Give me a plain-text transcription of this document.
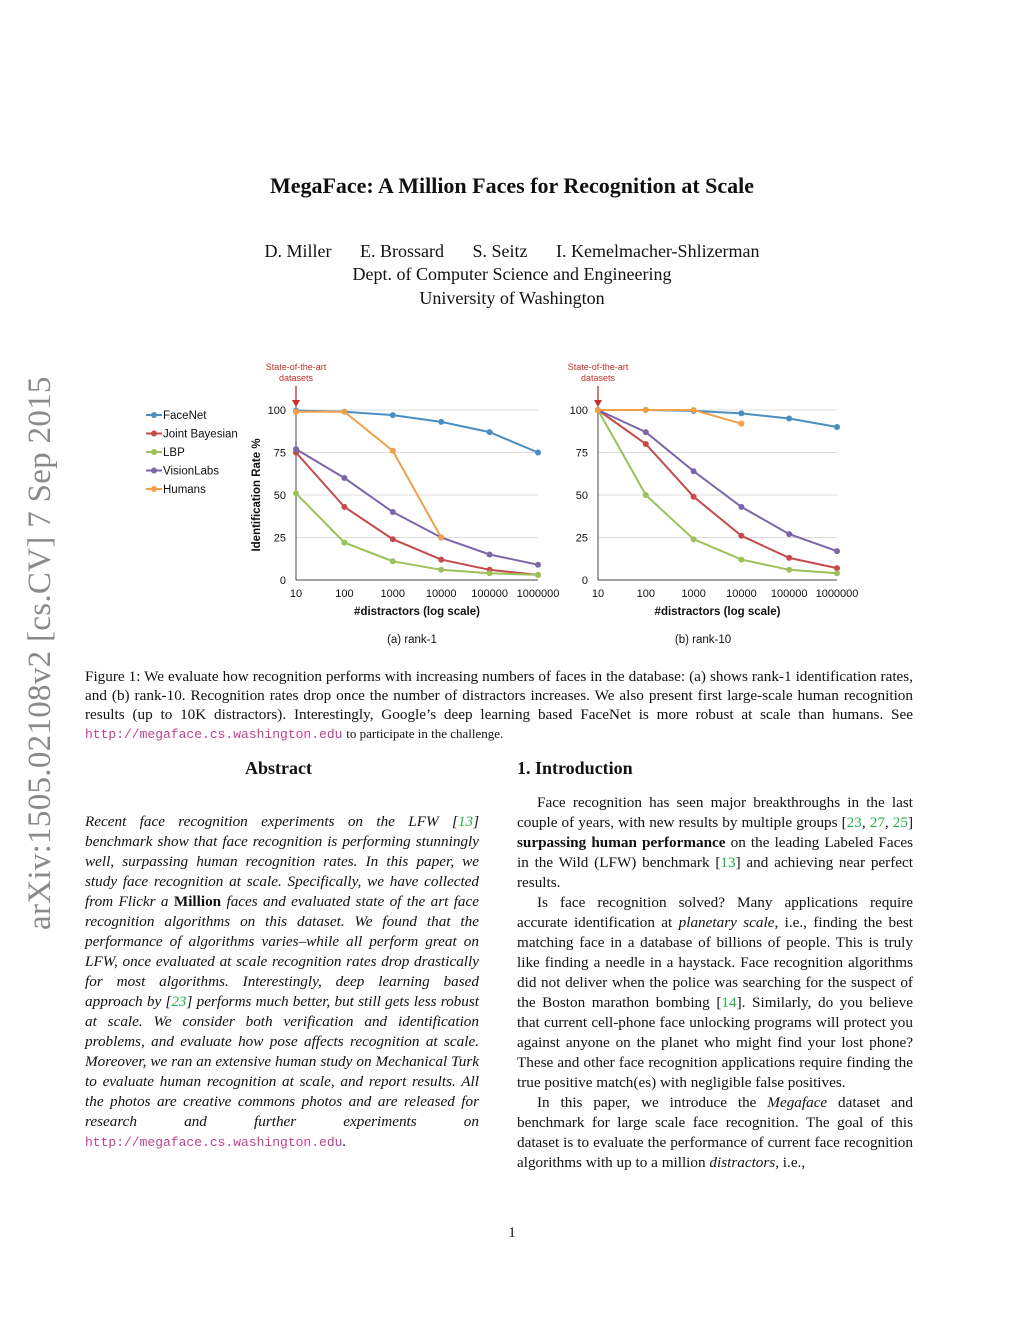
arXiv:1505.02108v2 [cs.CV] 7 Sep 2015
MegaFace: A Million Faces for Recognition at Scale
D. Miller E. Brossard S. Seitz I. Kemelmacher-Shlizerman
Dept. of Computer Science and Engineering
University of Washington
FaceNet
Joint Bayesian
LBP
VisionLabs
Humans
0
25
50
75
100
10	100 1000 10000 100000 1000000
#distractors (log scale)
Identification Rate %
State-of-the-art
datasets
0
25
50
75
100
10	100 1000 10000 100000 1000000
#distractors (log scale)
State-of-the-art
datasets
(a) rank-1	(b) rank-10
Figure 1: We evaluate how recognition performs with increasing numbers of faces in the database: (a) shows rank-1 identification rates, and (b) rank-10. Recognition rates drop once the number of distractors increases. We also present first large-scale human recognition results (up to 10K distractors). Interestingly, Google’s deep learning based FaceNet is more robust at scale than humans. See http://megaface.cs.washington.edu to participate in the challenge.
Abstract	1. Introduction
Recent face recognition experiments on the LFW [13] benchmark show that face recognition is performing stunningly well, surpassing human recognition rates. In this paper, we study face recognition at scale. Specifically, we have collected from Flickr a Million faces and evaluated state of the art face recognition algorithms on this dataset. We found that the performance of algorithms varies–while all perform great on LFW, once evaluated at scale recognition rates drop drastically for most algorithms. Interestingly, deep learning based approach by [23] performs much better, but still gets less robust at scale. We consider both verification and identification problems, and evaluate how pose affects recognition at scale. Moreover, we ran an extensive human study on Mechanical Turk to evaluate human recognition at scale, and report results. All the photos are creative commons photos and are released for research and further experiments on http://megaface.cs.washington.edu.

Face recognition has seen major breakthroughs in the last couple of years, with new results by multiple groups [23, 27, 25] surpassing human performance on the leading Labeled Faces in the Wild (LFW) benchmark [13] and achieving near perfect results.

Is face recognition solved? Many applications require accurate identification at planetary scale, i.e., finding the best matching face in a database of billions of people. This is truly like finding a needle in a haystack. Face recognition algorithms did not deliver when the police was searching for the suspect of the Boston marathon bombing [14]. Similarly, do you believe that current cell-phone face unlocking programs will protect you against anyone on the planet who might find your lost phone? These and other face recognition applications require finding the true positive match(es) with negligible false positives.

In this paper, we introduce the Megaface dataset and benchmark for large scale face recognition. The goal of this dataset is to evaluate the performance of current face recognition algorithms with up to a million distractors, i.e.,

1
